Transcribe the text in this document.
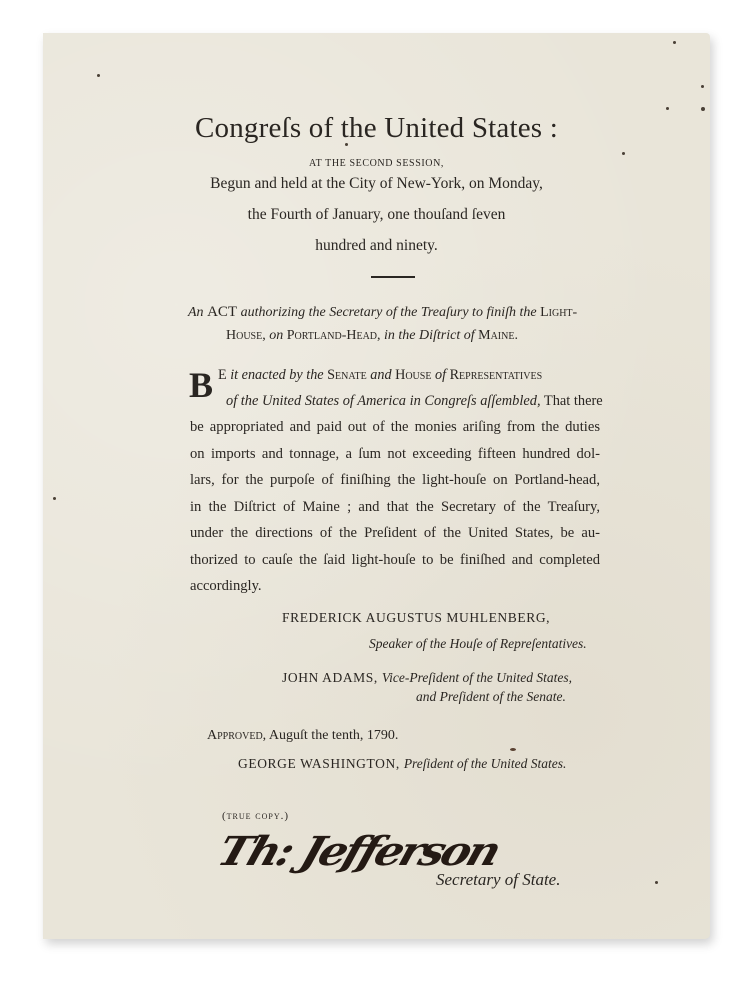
Congreſs of the United States :
AT THE SECOND SESSION,
Begun and held at the City of New-York, on Monday,
the Fourth of January, one thouſand ſeven
hundred and ninety.
An ACT authorizing the Secretary of the Treaſury to finiſh the Light-
House, on Portland-Head, in the Diſtrict of Maine.
B E it enacted by the Senate and House of Representatives
of the United States of America in Congreſs aſſembled, That there
be appropriated and paid out of the monies ariſing from the duties
on imports and tonnage, a ſum not exceeding fifteen hundred dol-
lars, for the purpoſe of finiſhing the light-houſe on Portland-head,
in the Diſtrict of Maine ; and that the Secretary of the Treaſury,
under the directions of the Preſident of the United States, be au-
thorized to cauſe the ſaid light-houſe to be finiſhed and completed
accordingly.
FREDERICK AUGUSTUS MUHLENBERG,
Speaker of the Houſe of Repreſentatives.
JOHN ADAMS, Vice-Preſident of the United States,
and Preſident of the Senate.
Approved, Auguſt the tenth, 1790.
GEORGE WASHINGTON, Preſident of the United States.
(true copy.)
Th: Jefferson
Secretary of State.
